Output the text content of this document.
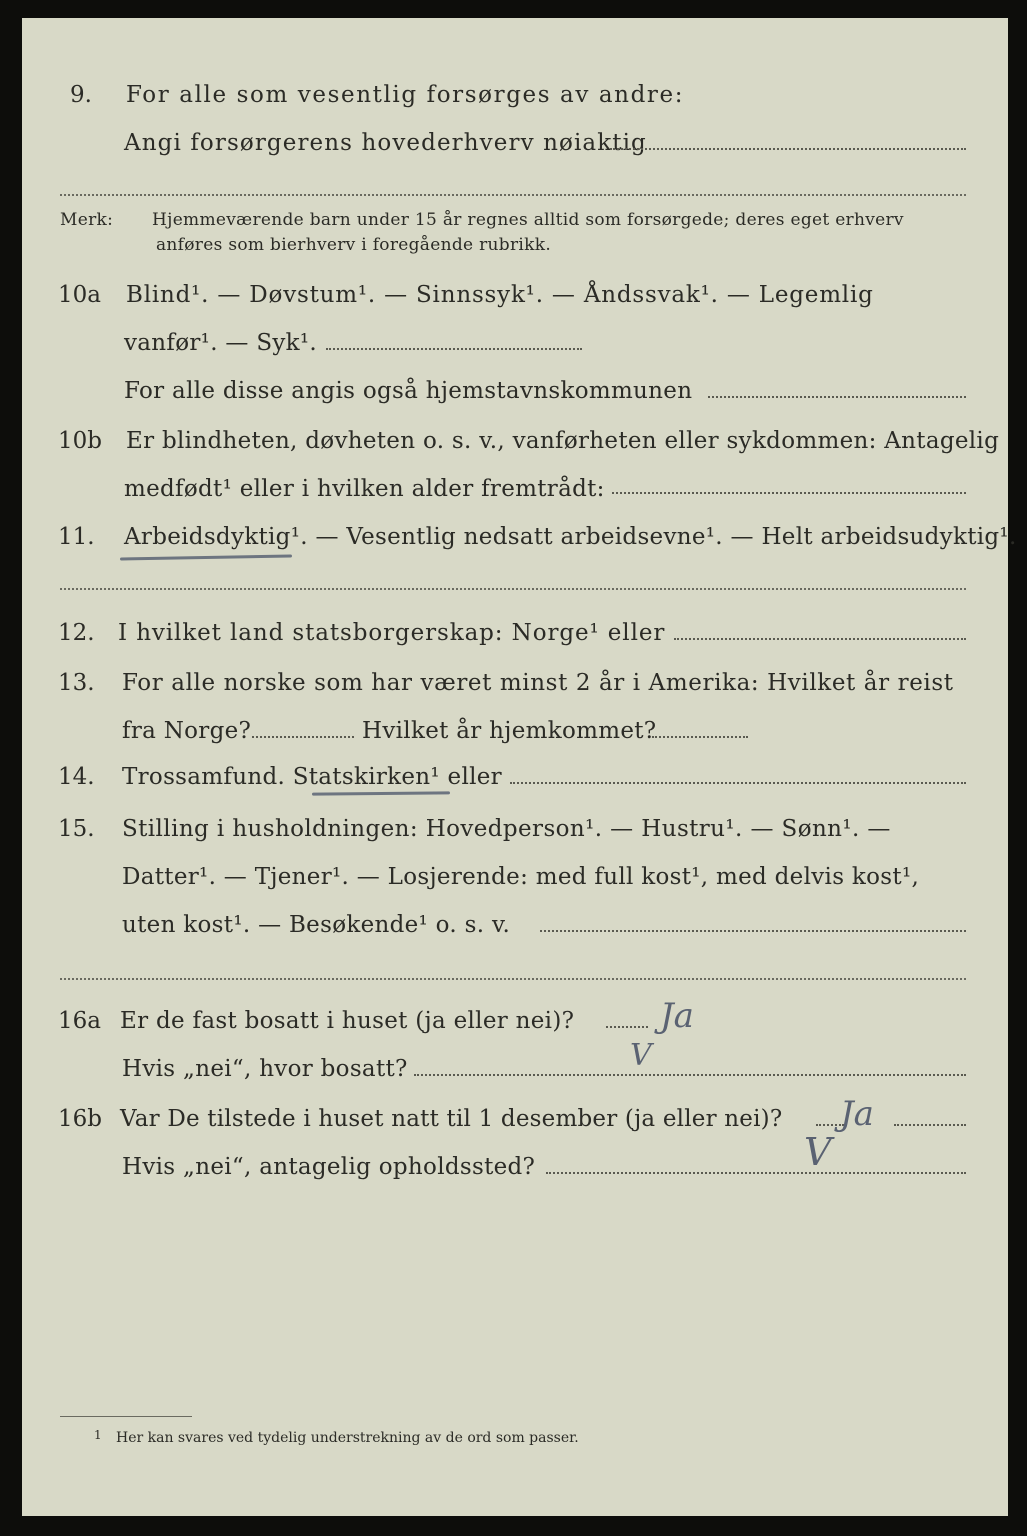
9. For alle som vesentlig forsørges av andre:
Angi forsørgerens hovederhverv nøiaktig
Merk: Hjemmeværende barn under 15 år regnes alltid som forsørgede; deres eget erhverv
anføres som bierhverv i foregående rubrikk.
10a Blind¹. — Døvstum¹. — Sinnssyk¹. — Åndssvak¹. — Legemlig
vanfør¹. — Syk¹.
For alle disse angis også hjemstavnskommunen
10b Er blindheten, døvheten o. s. v., vanførheten eller sykdommen: Antagelig
medfødt¹ eller i hvilken alder fremtrådt:
11. Arbeidsdyktig¹. — Vesentlig nedsatt arbeidsevne¹. — Helt arbeidsudyktig¹.
12. I hvilket land statsborgerskap: Norge¹ eller
13. For alle norske som har været minst 2 år i Amerika: Hvilket år reist
fra Norge?	Hvilket år hjemkommet?
14. Trossamfund. Statskirken¹ eller
15. Stilling i husholdningen: Hovedperson¹. — Hustru¹. — Sønn¹. —
Datter¹. — Tjener¹. — Losjerende: med full kost¹, med delvis kost¹,
uten kost¹. — Besøkende¹ o. s. v.
16a Er de fast bosatt i huset (ja eller nei)?	Ja
Hvis „nei“, hvor bosatt?	V
16b Var De tilstede i huset natt til 1 desember (ja eller nei)? Ja
Hvis „nei“, antagelig opholdssted?	V
1 Her kan svares ved tydelig understrekning av de ord som passer.
